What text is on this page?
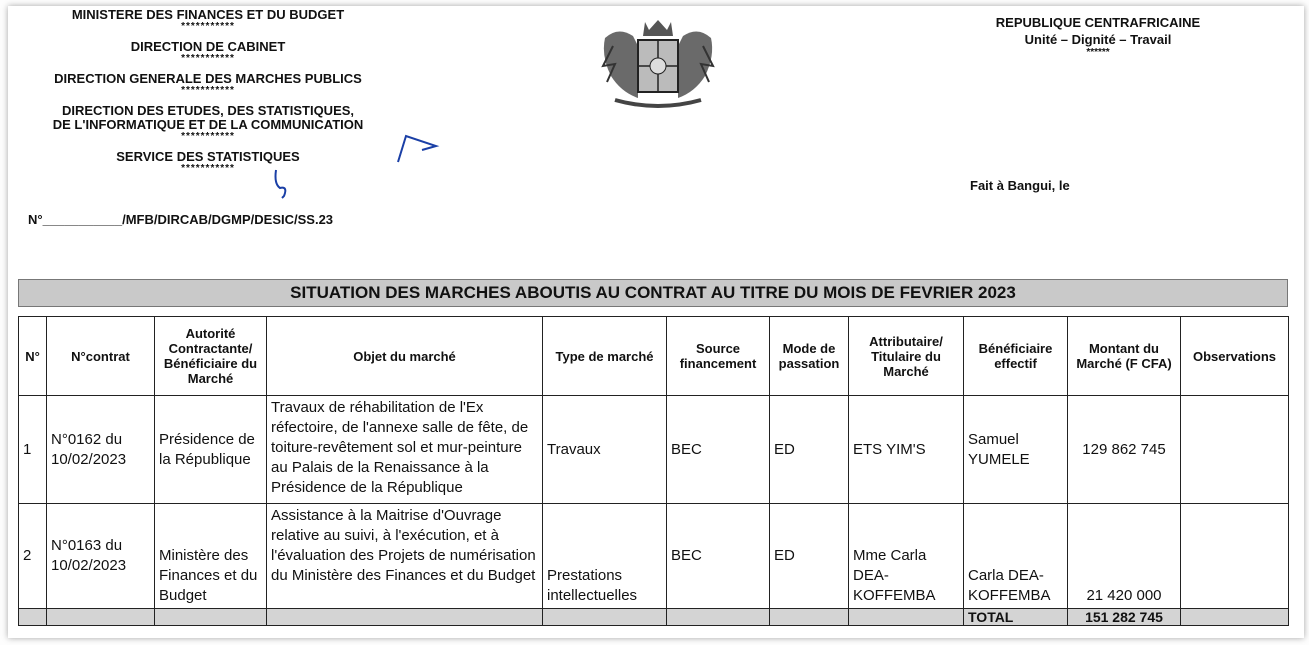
MINISTERE DES FINANCES ET DU BUDGET
***********
DIRECTION DE CABINET
***********
DIRECTION GENERALE DES MARCHES PUBLICS
***********
DIRECTION DES ETUDES, DES STATISTIQUES,
DE L'INFORMATIQUE ET DE LA COMMUNICATION
***********
SERVICE DES STATISTIQUES
***********
N°___________/MFB/DIRCAB/DGMP/DESIC/SS.23
REPUBLIQUE CENTRAFRICAINE
Unité – Dignité – Travail
******
Fait à Bangui, le
SITUATION DES MARCHES ABOUTIS AU CONTRAT AU TITRE DU MOIS DE FEVRIER 2023
N°	N°contrat	Autorité Contractante/ Bénéficiaire du Marché	Objet du marché	Type de marché	Source financement	Mode de passation	Attributaire/ Titulaire du Marché	Bénéficiaire effectif	Montant du Marché (F CFA)	Observations
1	N°0162 du 10/02/2023	Présidence de la République	Travaux de réhabilitation de l'Ex réfectoire, de l'annexe salle de fête, de toiture-revêtement sol et mur-peinture au Palais de la Renaissance à la Présidence de la République	Travaux	BEC	ED	ETS YIM'S	Samuel YUMELE	129 862 745	
2	N°0163 du 10/02/2023	Ministère des Finances et du Budget	Assistance à la Maitrise d'Ouvrage relative au suivi, à l'exécution, et à l'évaluation des Projets de numérisation du Ministère des Finances et du Budget	Prestations intellectuelles	BEC	ED	Mme Carla DEA-KOFFEMBA	Carla DEA-KOFFEMBA	21 420 000	
								TOTAL	151 282 745	
